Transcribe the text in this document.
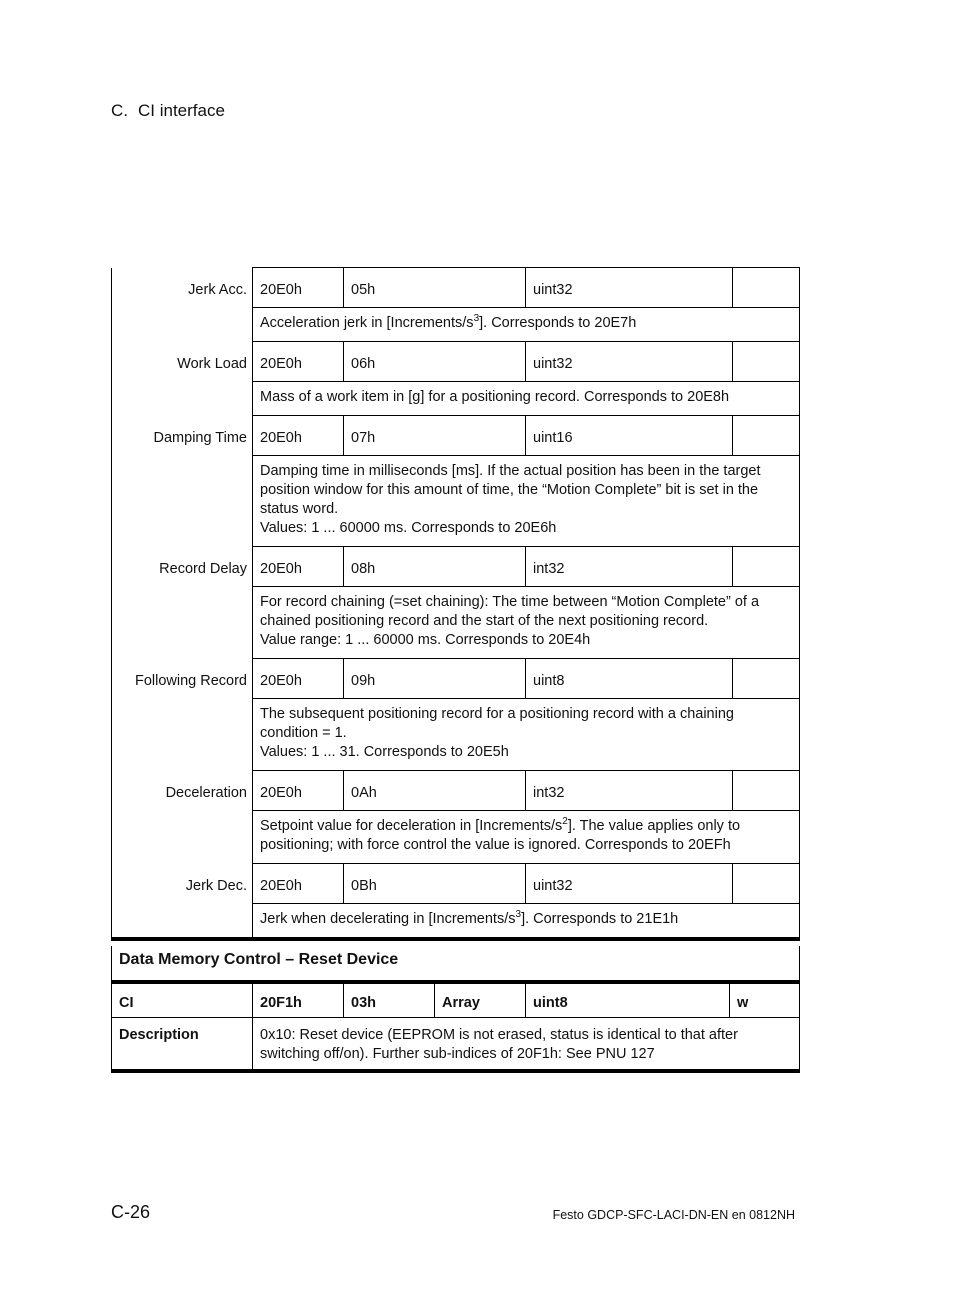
C. CI interface
Jerk Acc.	20E0h	05h	uint32	
	Acceleration jerk in $[Increments/s^3]$. Corresponds to 20E7h			
Work Load	20E0h	06h	uint32	
	Mass of a work item in [g] for a positioning record. Corresponds to 20E8h			
Damping Time	20E0h	07h	uint16	
	Damping time in milliseconds [ms]. If the actual position has been in the target position window for this amount of time, the “Motion Complete” bit is set in the status word.
Values: 1 ... 60000 ms. Corresponds to 20E6h			
Record Delay	20E0h	08h	int32	
	For record chaining (=set chaining): The time between “Motion Complete” of a chained positioning record and the start of the next positioning record.
Value range: 1 ... 60000 ms. Corresponds to 20E4h			
Following Record	20E0h	09h	uint8	
	The subsequent positioning record for a positioning record with a chaining condition = 1.
Values: 1 ... 31. Corresponds to 20E5h			
Deceleration	20E0h	0Ah	int32	
	Setpoint value for deceleration in $[Increments/s^2]$. The value applies only to positioning; with force control the value is ignored. Corresponds to 20EFh			
Jerk Dec.	20E0h	0Bh	uint32	
	Jerk when decelerating in $[Increments/s^3]$. Corresponds to 21E1h			
Data Memory Control – Reset Device					
CI	20F1h	03h	Array	uint8	w
Description	0x10: Reset device (EEPROM is not erased, status is identical to that after switching off/on). Further sub-indices of 20F1h: See PNU 127				
C-26	Festo GDCP-SFC-LACI-DN-EN en 0812NH
